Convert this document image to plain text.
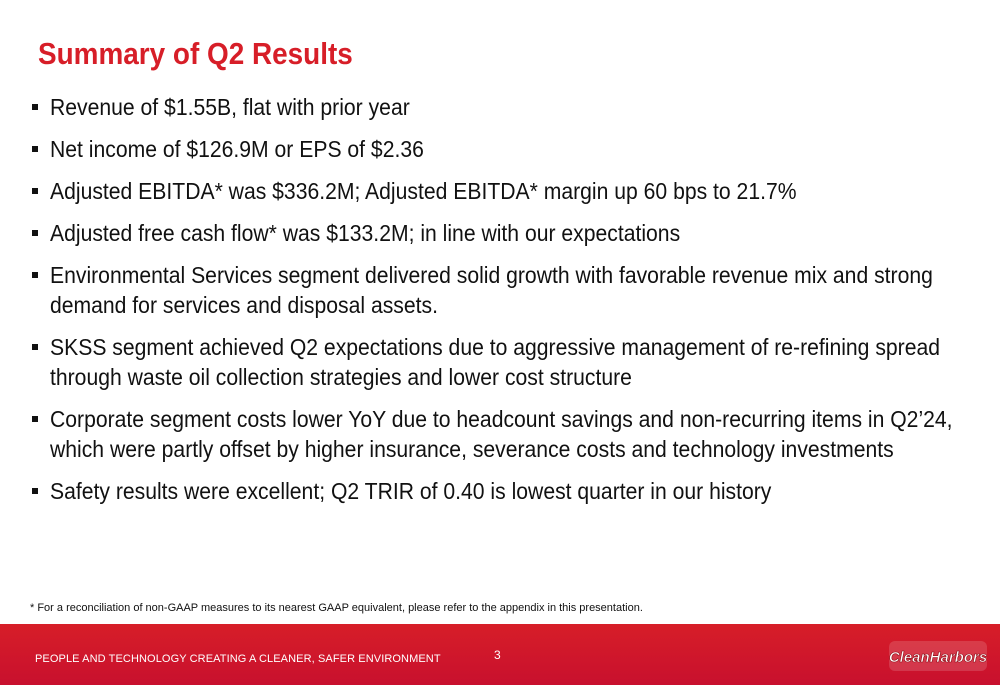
Summary of Q2 Results
Revenue of $1.55B, flat with prior year
Net income of $126.9M or EPS of $2.36
Adjusted EBITDA* was $336.2M; Adjusted EBITDA* margin up 60 bps to 21.7%
Adjusted free cash flow* was $133.2M; in line with our expectations
Environmental Services segment delivered solid growth with favorable revenue mix and strong demand for services and disposal assets.
SKSS segment achieved Q2 expectations due to aggressive management of re-refining spread through waste oil collection strategies and lower cost structure
Corporate segment costs lower YoY due to headcount savings and non-recurring items in Q2’24, which were partly offset by higher insurance, severance costs and technology investments
Safety results were excellent; Q2 TRIR of 0.40 is lowest quarter in our history
* For a reconciliation of non-GAAP measures to its nearest GAAP equivalent, please refer to the appendix in this presentation.
PEOPLE AND TECHNOLOGY CREATING A CLEANER, SAFER ENVIRONMENT	3	CleanHarbors
